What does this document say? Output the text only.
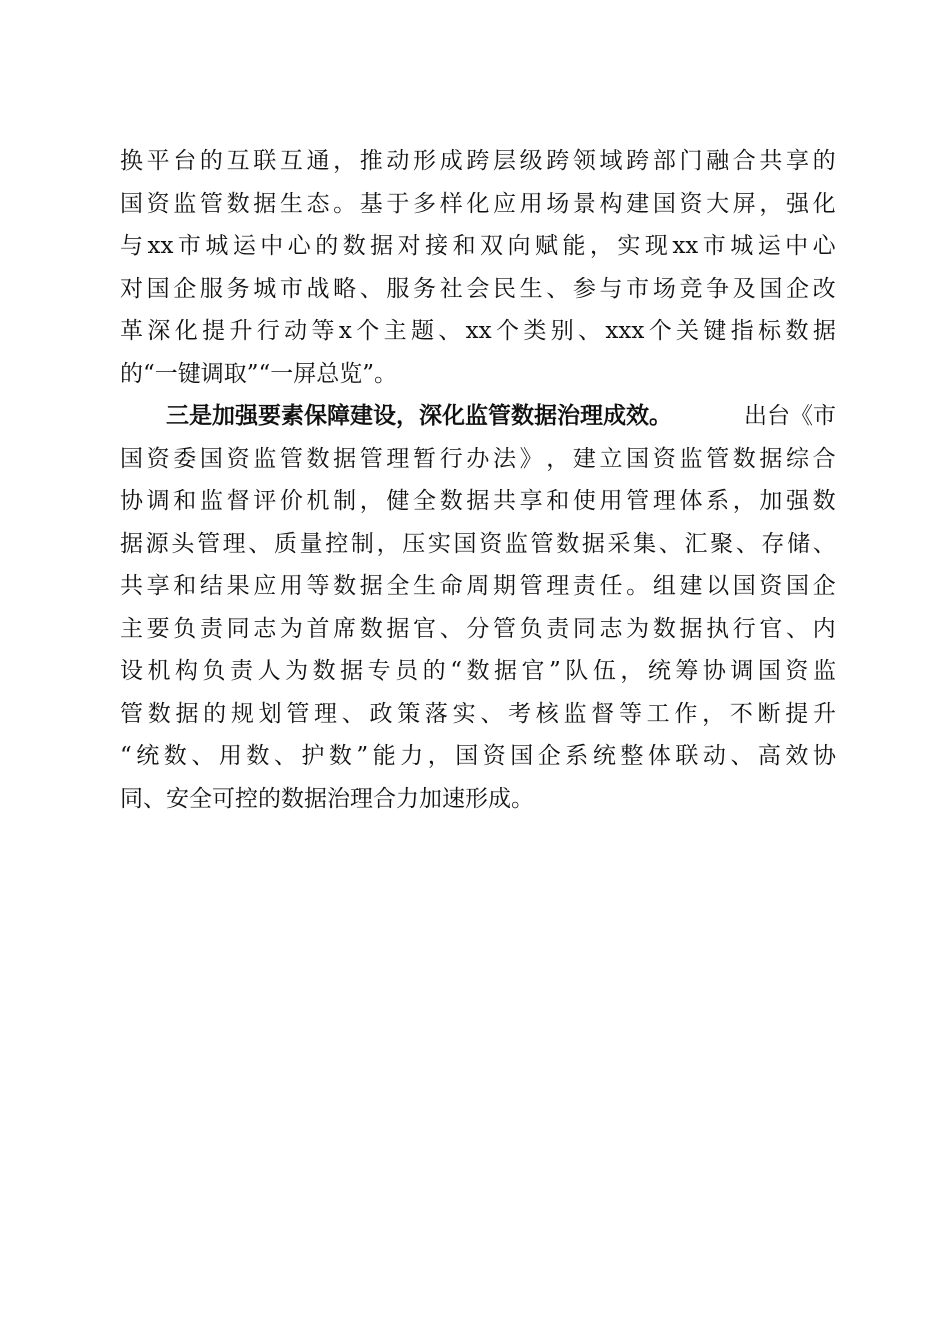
换 平 台 的 互 联 互 通 ， 推 动 形 成 跨 层 级 跨 领 域 跨 部 门 融 合 共 享 的
国 资 监 管 数 据 生 态 。 基 于 多 样 化 应 用 场 景 构 建 国 资 大 屏 ， 强 化
与 xx 市 城 运 中 心 的 数 据 对 接 和 双 向 赋 能 ， 实 现 xx 市 城 运 中 心
对 国 企 服 务 城 市 战 略 、 服 务 社 会 民 生 、 参 与 市 场 竞 争 及 国 企 改
革 深 化 提 升 行 动 等 x 个 主 题 、 xx 个 类 别 、 xxx 个 关 键 指 标 数 据
的“一键调取”“一屏总览”。
三是加强要素保障建设，深化监管数据治理成效。	出台《市
国 资 委 国 资 监 管 数 据 管 理 暂 行 办 法 》 ， 建 立 国 资 监 管 数 据 综 合
协 调 和 监 督 评 价 机 制 ， 健 全 数 据 共 享 和 使 用 管 理 体 系 ， 加 强 数
据 源 头 管 理 、 质 量 控 制 ， 压 实 国 资 监 管 数 据 采 集 、 汇 聚 、 存 储 、
共 享 和 结 果 应 用 等 数 据 全 生 命 周 期 管 理 责 任 。 组 建 以 国 资 国 企
主 要 负 责 同 志 为 首 席 数 据 官 、 分 管 负 责 同 志 为 数 据 执 行 官 、 内
设 机 构 负 责 人 为 数 据 专 员 的 “ 数 据 官 ” 队 伍 ， 统 筹 协 调 国 资 监
管 数 据 的 规 划 管 理 、 政 策 落 实 、 考 核 监 督 等 工 作 ， 不 断 提 升
“ 统 数 、 用 数 、 护 数 ” 能 力 ， 国 资 国 企 系 统 整 体 联 动 、 高 效 协
同、安全可控的数据治理合力加速形成。
